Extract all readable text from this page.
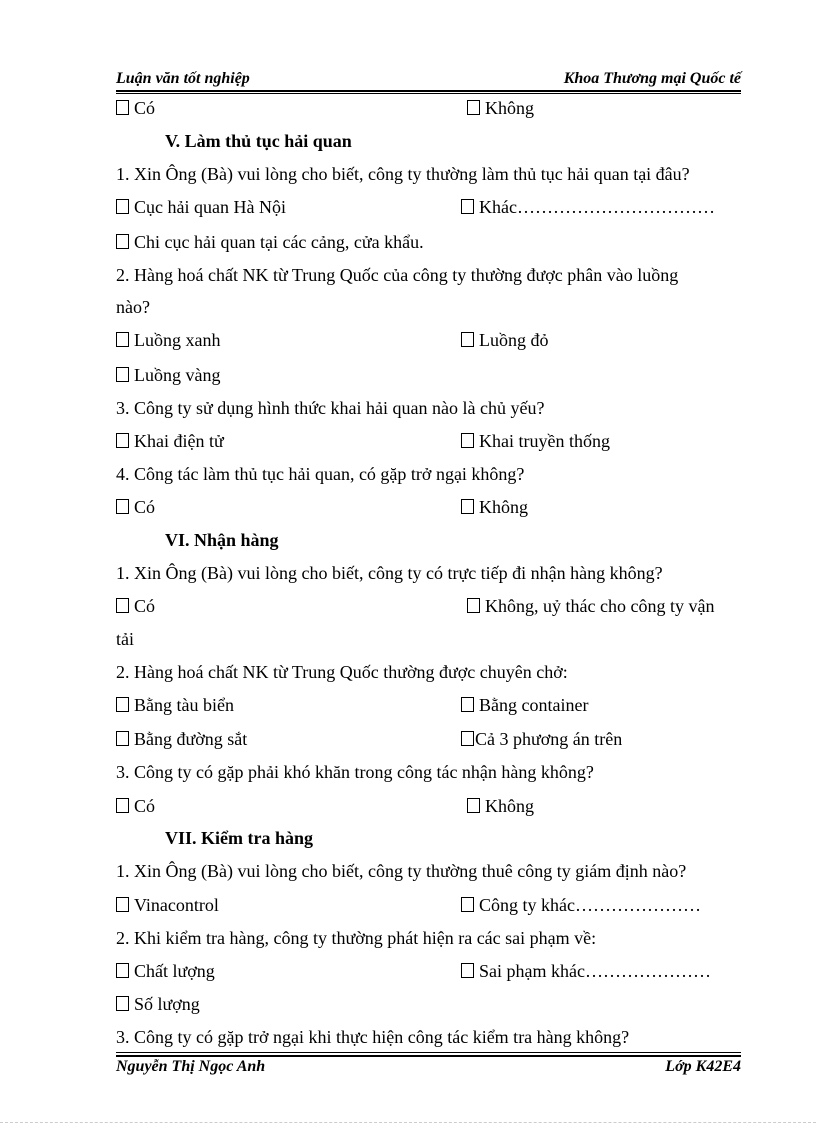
Luận văn tốt nghiệp	Khoa Thương mại Quốc tế
Có	Không
V. Làm thủ tục hải quan
1. Xin Ông (Bà) vui lòng cho biết, công ty thường làm thủ tục hải quan tại đâu?
Cục hải quan Hà Nội	Khác……………………………
Chi cục hải quan tại các cảng, cửa khẩu.
2. Hàng hoá chất NK từ Trung Quốc của công ty thường được phân vào luồng
nào?
Luồng xanh	Luồng đỏ
Luồng vàng
3. Công ty sử dụng hình thức khai hải quan nào là chủ yếu?
Khai điện tử	Khai truyền thống
4. Công tác làm thủ tục hải quan, có gặp trở ngại không?
Có	Không
VI. Nhận hàng
1. Xin Ông (Bà) vui lòng cho biết, công ty có trực tiếp đi nhận hàng không?
Có	Không, uỷ thác cho công ty vận
tải
2. Hàng hoá chất NK từ Trung Quốc thường được chuyên chở:
Bằng tàu biển	Bằng container
Bằng đường sắt	Cả 3 phương án trên
3. Công ty có gặp phải khó khăn trong công tác nhận hàng không?
Có	Không
VII. Kiểm tra hàng
1. Xin Ông (Bà) vui lòng cho biết, công ty thường thuê công ty giám định nào?
Vinacontrol	Công ty khác…………………
2. Khi kiểm tra hàng, công ty thường phát hiện ra các sai phạm về:
Chất lượng	Sai phạm khác…………………
Số lượng
3. Công ty có gặp trở ngại khi thực hiện công tác kiểm tra hàng không?
Nguyễn Thị Ngọc Anh	Lớp K42E4
